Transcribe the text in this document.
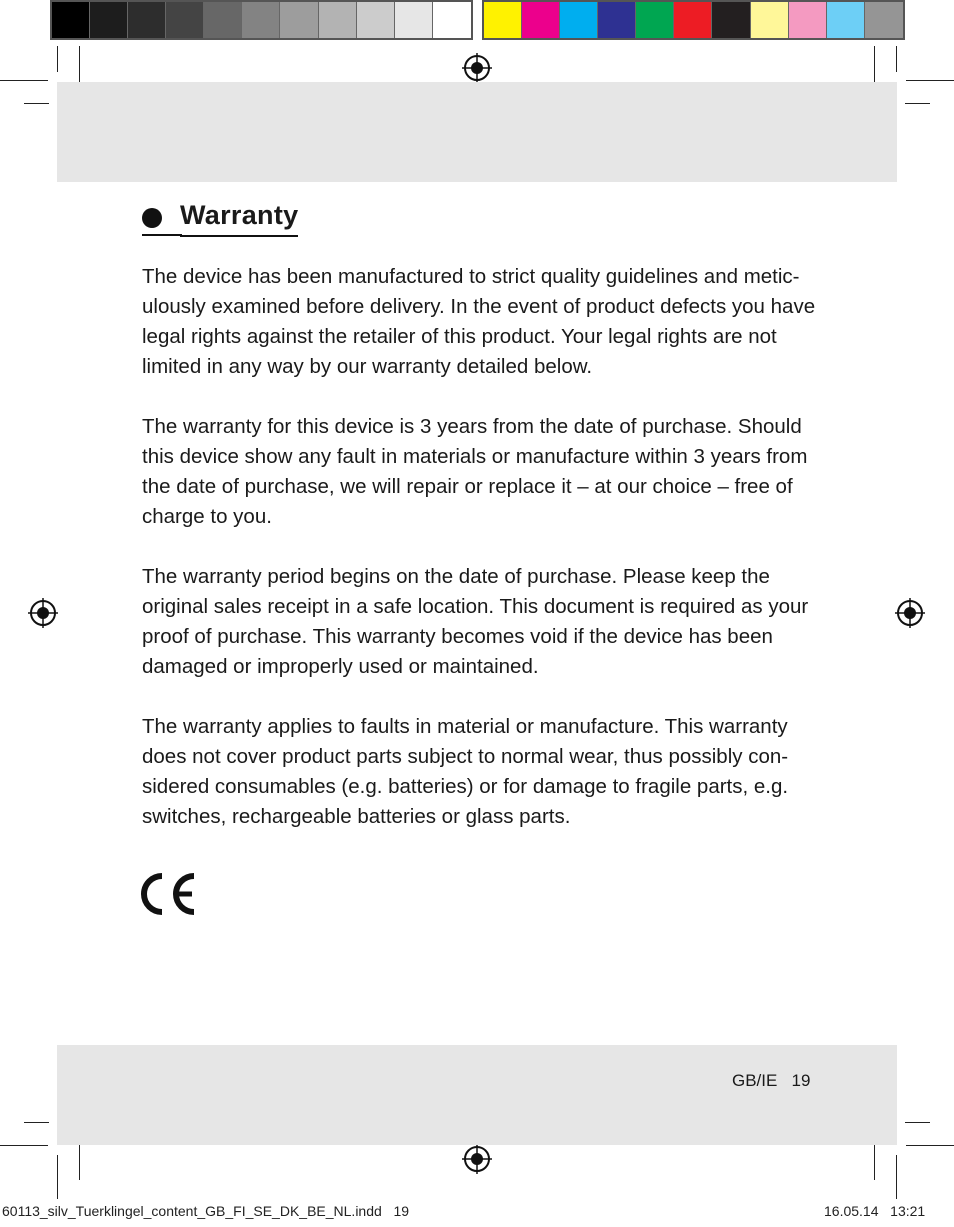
Warranty

The device has been manufactured to strict quality guidelines and metic-ulously examined before delivery. In the event of product defects you have legal rights against the retailer of this product. Your legal rights are not limited in any way by our warranty detailed below.

The warranty for this device is 3 years from the date of purchase. Should this device show any fault in materials or manufacture within 3 years from the date of purchase, we will repair or replace it – at our choice – free of charge to you.

The warranty period begins on the date of purchase. Please keep the original sales receipt in a safe location. This document is required as your proof of purchase. This warranty becomes void if the device has been damaged or improperly used or maintained.

The warranty applies to faults in material or manufacture. This warranty does not cover product parts subject to normal wear, thus possibly con-sidered consumables (e.g. batteries) or for damage to fragile parts, e.g. switches, rechargeable batteries or glass parts.

GB/IE   19
60113_silv_Tuerklingel_content_GB_FI_SE_DK_BE_NL.indd   19	16.05.14   13:21
